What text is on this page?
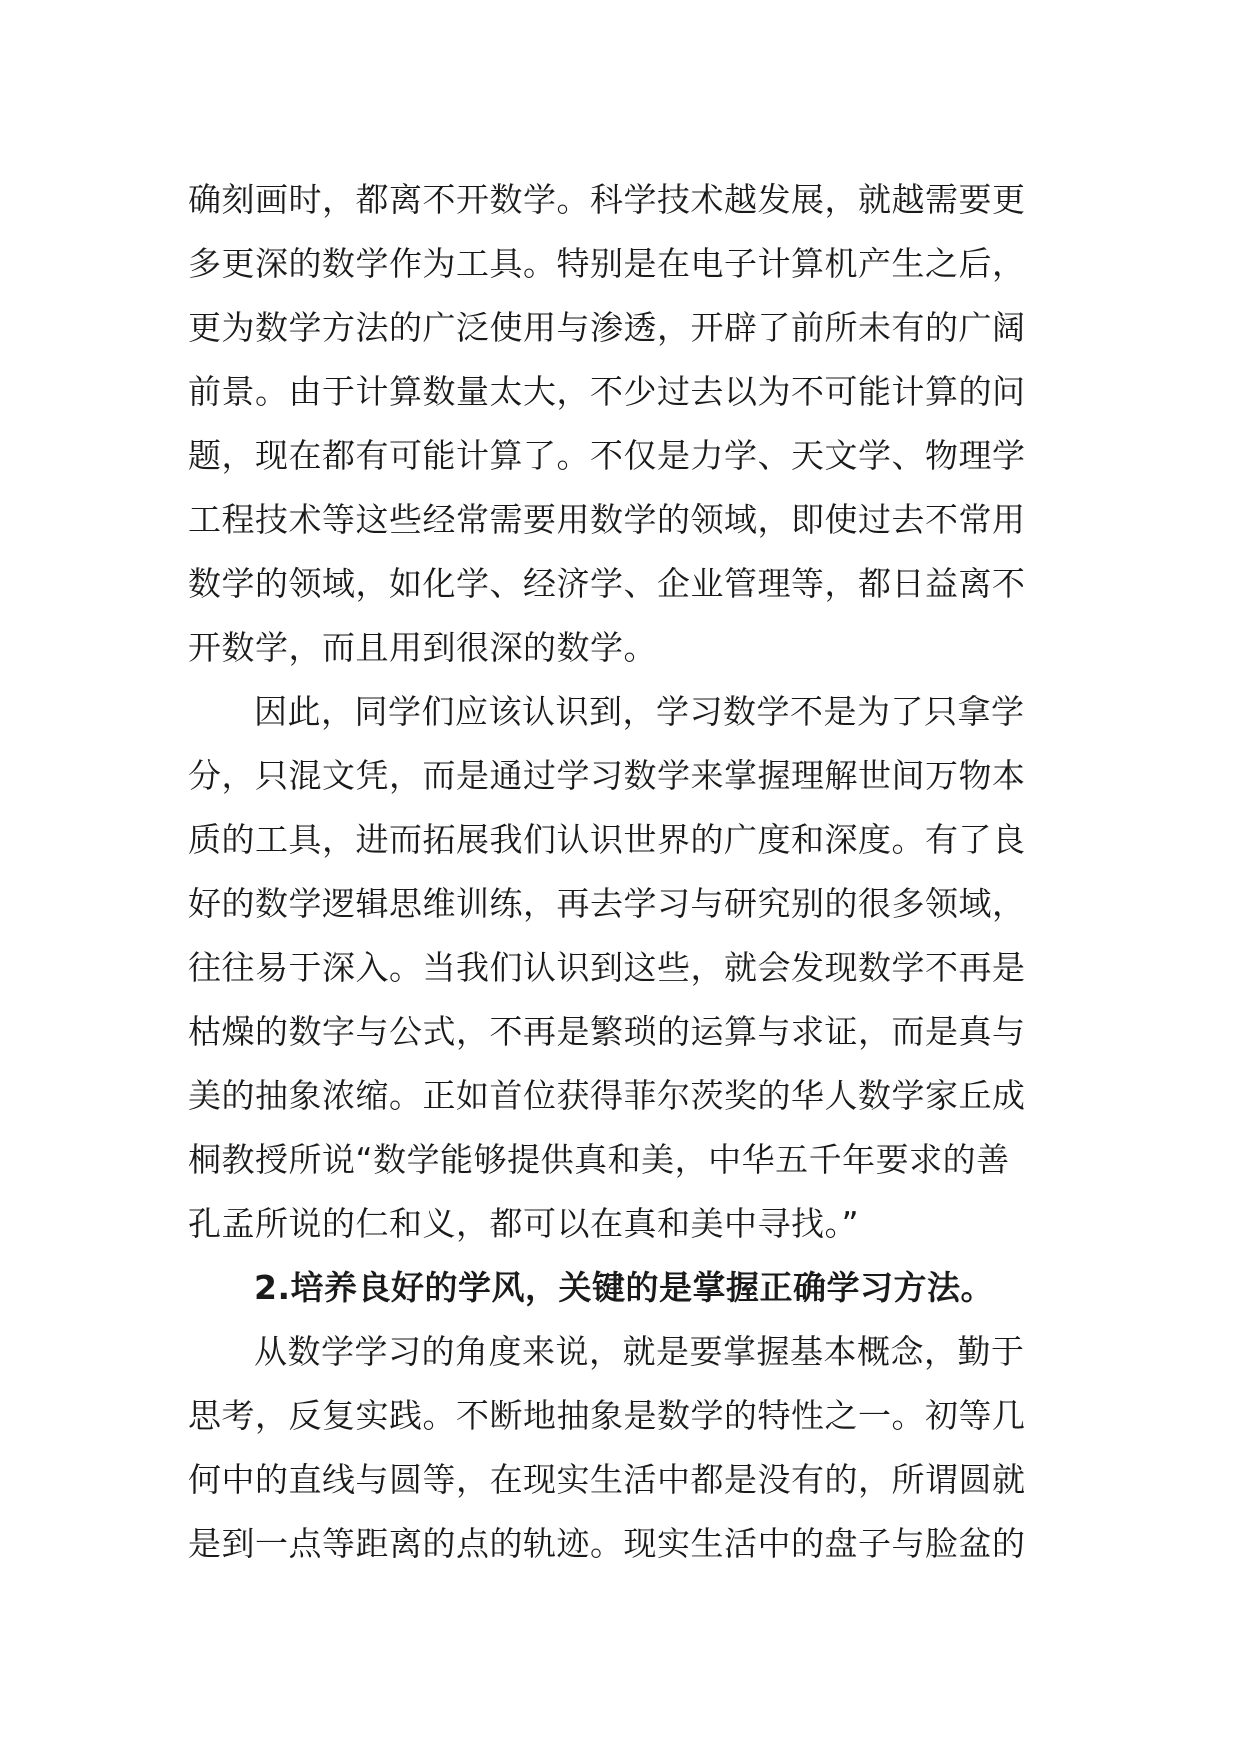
确刻画时，都离不开数学。科学技术越发展，就越需要更
多更深的数学作为工具。特别是在电子计算机产生之后，
更为数学方法的广泛使用与渗透，开辟了前所未有的广阔
前景。由于计算数量太大，不少过去以为不可能计算的问
题，现在都有可能计算了。不仅是力学、天文学、物理学
工程技术等这些经常需要用数学的领域，即使过去不常用
数学的领域，如化学、经济学、企业管理等，都日益离不
开数学，而且用到很深的数学。
因此，同学们应该认识到，学习数学不是为了只拿学
分，只混文凭，而是通过学习数学来掌握理解世间万物本
质的工具，进而拓展我们认识世界的广度和深度。有了良
好的数学逻辑思维训练，再去学习与研究别的很多领域，
往往易于深入。当我们认识到这些，就会发现数学不再是
枯燥的数字与公式，不再是繁琐的运算与求证，而是真与
美的抽象浓缩。正如首位获得菲尔茨奖的华人数学家丘成
桐教授所说“数学能够提供真和美，中华五千年要求的善
孔孟所说的仁和义，都可以在真和美中寻找。”
2.培养良好的学风，关键的是掌握正确学习方法。
从数学学习的角度来说，就是要掌握基本概念，勤于
思考，反复实践。不断地抽象是数学的特性之一。初等几
何中的直线与圆等，在现实生活中都是没有的，所谓圆就
是到一点等距离的点的轨迹。现实生活中的盘子与脸盆的
